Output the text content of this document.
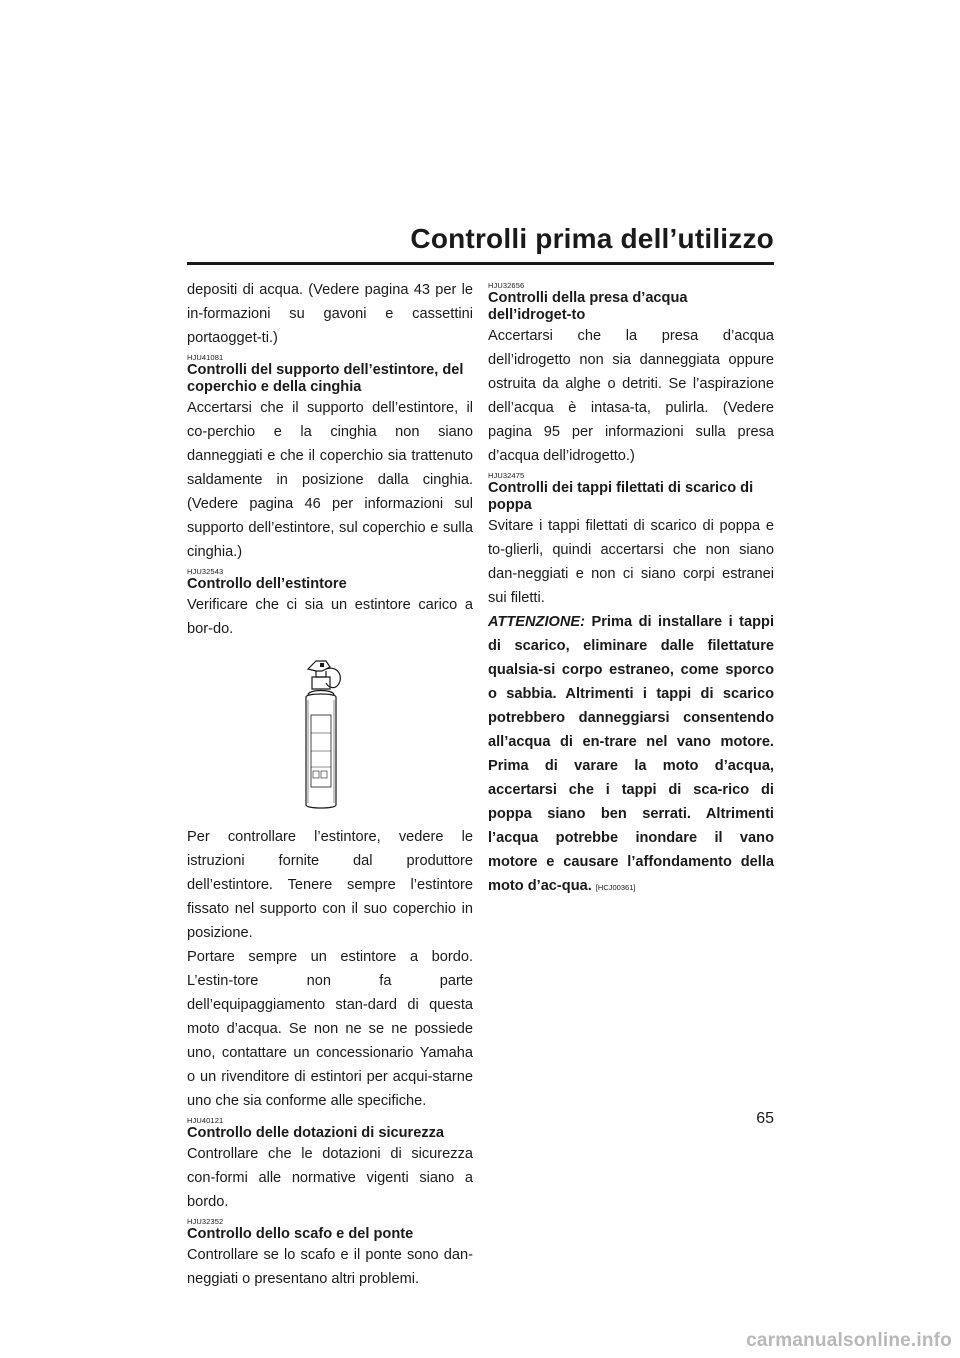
Controlli prima dell’utilizzo

depositi di acqua. (Vedere pagina 43 per le in-formazioni su gavoni e cassettini portaogget-ti.)

HJU41081
Controlli del supporto dell’estintore, del coperchio e della cinghia

Accertarsi che il supporto dell’estintore, il co-perchio e la cinghia non siano danneggiati e che il coperchio sia trattenuto saldamente in posizione dalla cinghia. (Vedere pagina 46 per informazioni sul supporto dell’estintore, sul coperchio e sulla cinghia.)

HJU32543
Controllo dell’estintore

Verificare che ci sia un estintore carico a bor-do.

Per controllare l’estintore, vedere le istruzioni fornite dal produttore dell’estintore. Tenere sempre l’estintore fissato nel supporto con il suo coperchio in posizione.

Portare sempre un estintore a bordo. L’estin-tore non fa parte dell’equipaggiamento stan-dard di questa moto d’acqua. Se non ne se ne possiede uno, contattare un concessionario Yamaha o un rivenditore di estintori per acqui-starne uno che sia conforme alle specifiche.

HJU40121
Controllo delle dotazioni di sicurezza

Controllare che le dotazioni di sicurezza con-formi alle normative vigenti siano a bordo.

HJU32352
Controllo dello scafo e del ponte

Controllare se lo scafo e il ponte sono dan-neggiati o presentano altri problemi.

HJU32656
Controlli della presa d’acqua dell’idroget-to

Accertarsi che la presa d’acqua dell’idrogetto non sia danneggiata oppure ostruita da alghe o detriti. Se l’aspirazione dell’acqua è intasa-ta, pulirla. (Vedere pagina 95 per informazioni sulla presa d’acqua dell’idrogetto.)

HJU32475
Controlli dei tappi filettati di scarico di poppa

Svitare i tappi filettati di scarico di poppa e to-glierli, quindi accertarsi che non siano dan-neggiati e non ci siano corpi estranei sui filetti.

ATTENZIONE: Prima di installare i tappi di scarico, eliminare dalle filettature qualsia-si corpo estraneo, come sporco o sabbia. Altrimenti i tappi di scarico potrebbero danneggiarsi consentendo all’acqua di en-trare nel vano motore. Prima di varare la moto d’acqua, accertarsi che i tappi di sca-rico di poppa siano ben serrati. Altrimenti l’acqua potrebbe inondare il vano motore e causare l’affondamento della moto d’ac-qua. [HCJ00361]

65
carmanualsonline.info
